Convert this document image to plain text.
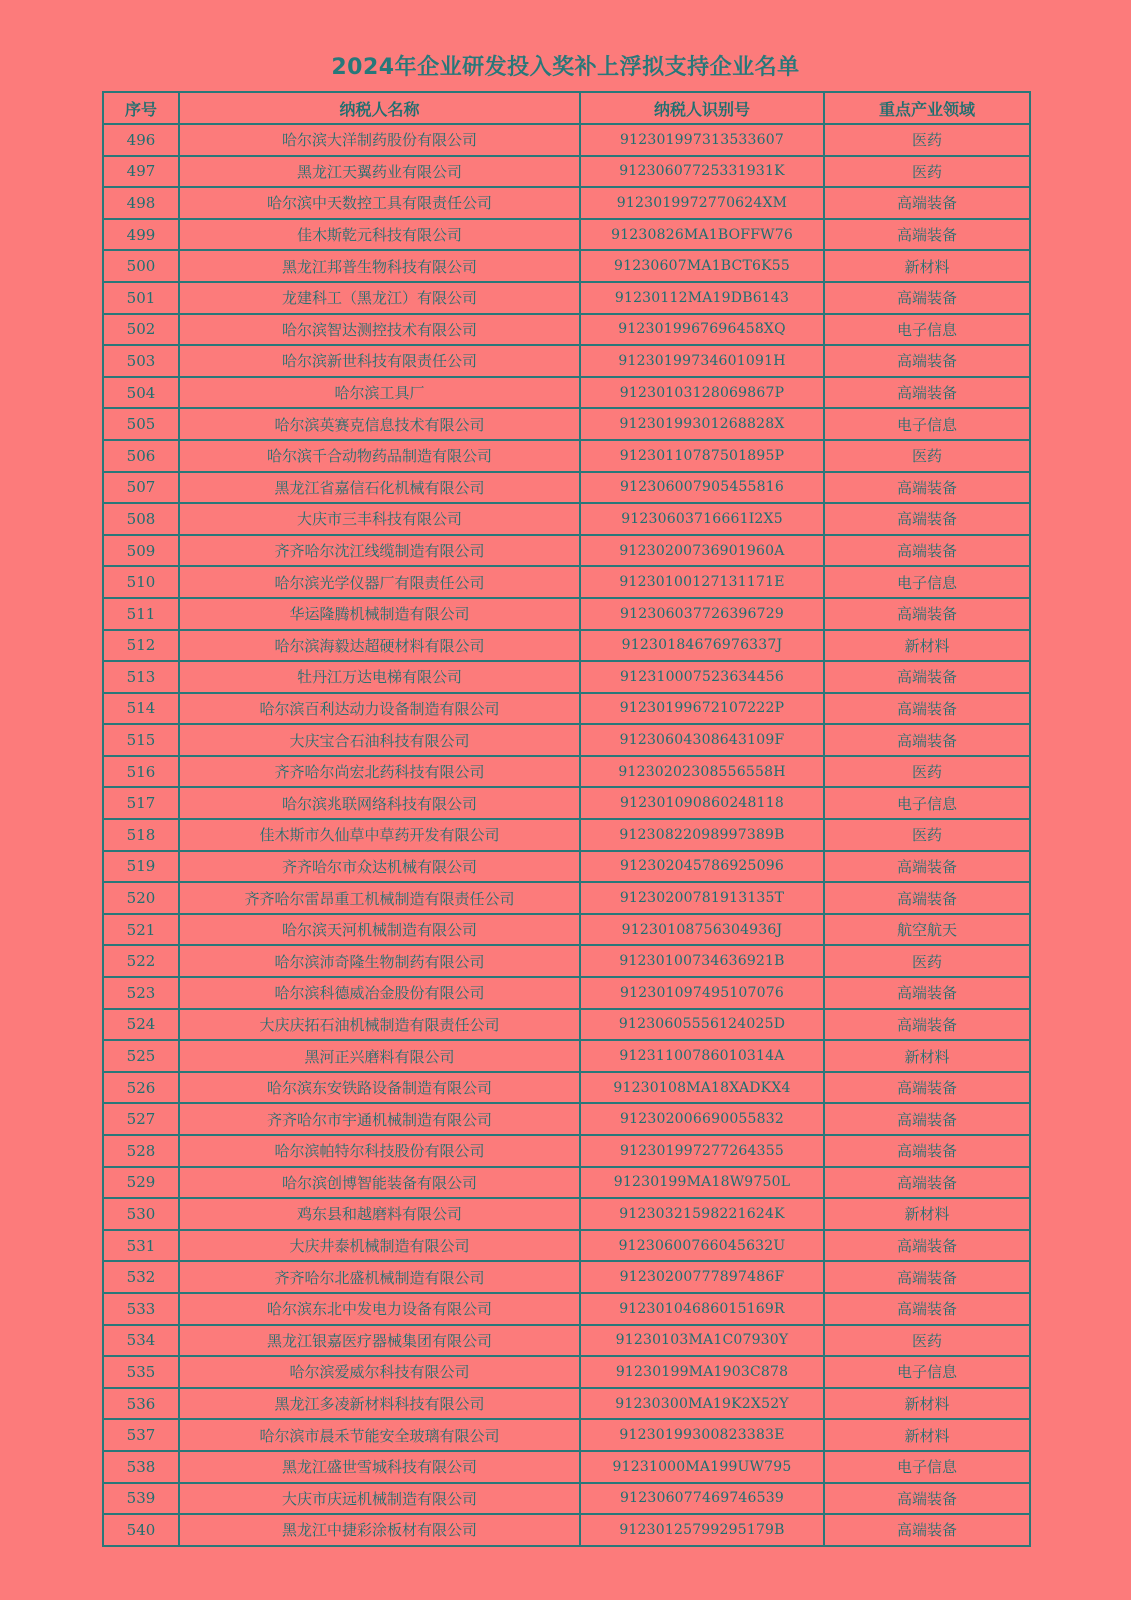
2024年企业研发投入奖补上浮拟支持企业名单
序号	纳税人名称	纳税人识别号	重点产业领域
496	哈尔滨大洋制药股份有限公司	912301997313533607	医药
497	黑龙江天翼药业有限公司	91230607725331931K	医药
498	哈尔滨中天数控工具有限责任公司	9123019972770624XM	高端装备
499	佳木斯乾元科技有限公司	91230826MA1BOFFW76	高端装备
500	黑龙江邦普生物科技有限公司	91230607MA1BCT6K55	新材料
501	龙建科工（黑龙江）有限公司	91230112MA19DB6143	高端装备
502	哈尔滨智达测控技术有限公司	9123019967696458XQ	电子信息
503	哈尔滨新世科技有限责任公司	91230199734601091H	高端装备
504	哈尔滨工具厂	91230103128069867P	高端装备
505	哈尔滨英赛克信息技术有限公司	91230199301268828X	电子信息
506	哈尔滨千合动物药品制造有限公司	91230110787501895P	医药
507	黑龙江省嘉信石化机械有限公司	912306007905455816	高端装备
508	大庆市三丰科技有限公司	91230603716661I2X5	高端装备
509	齐齐哈尔沈江线缆制造有限公司	91230200736901960A	高端装备
510	哈尔滨光学仪器厂有限责任公司	91230100127131171E	电子信息
511	华运隆腾机械制造有限公司	912306037726396729	高端装备
512	哈尔滨海毅达超硬材料有限公司	91230184676976337J	新材料
513	牡丹江万达电梯有限公司	912310007523634456	高端装备
514	哈尔滨百利达动力设备制造有限公司	91230199672107222P	高端装备
515	大庆宝合石油科技有限公司	91230604308643109F	高端装备
516	齐齐哈尔尚宏北药科技有限公司	91230202308556558H	医药
517	哈尔滨兆联网络科技有限公司	912301090860248118	电子信息
518	佳木斯市久仙草中草药开发有限公司	91230822098997389B	医药
519	齐齐哈尔市众达机械有限公司	912302045786925096	高端装备
520	齐齐哈尔雷昂重工机械制造有限责任公司	91230200781913135T	高端装备
521	哈尔滨天河机械制造有限公司	91230108756304936J	航空航天
522	哈尔滨沛奇隆生物制药有限公司	91230100734636921B	医药
523	哈尔滨科德威冶金股份有限公司	912301097495107076	高端装备
524	大庆庆拓石油机械制造有限责任公司	91230605556124025D	高端装备
525	黑河正兴磨料有限公司	91231100786010314A	新材料
526	哈尔滨东安铁路设备制造有限公司	91230108MA18XADKX4	高端装备
527	齐齐哈尔市宇通机械制造有限公司	912302006690055832	高端装备
528	哈尔滨帕特尔科技股份有限公司	912301997277264355	高端装备
529	哈尔滨创博智能装备有限公司	91230199MA18W9750L	高端装备
530	鸡东县和越磨料有限公司	91230321598221624K	新材料
531	大庆井泰机械制造有限公司	91230600766045632U	高端装备
532	齐齐哈尔北盛机械制造有限公司	91230200777897486F	高端装备
533	哈尔滨东北中发电力设备有限公司	91230104686015169R	高端装备
534	黑龙江银嘉医疗器械集团有限公司	91230103MA1C07930Y	医药
535	哈尔滨爱威尔科技有限公司	91230199MA1903C878	电子信息
536	黑龙江多凌新材料科技有限公司	91230300MA19K2X52Y	新材料
537	哈尔滨市晨禾节能安全玻璃有限公司	91230199300823383E	新材料
538	黑龙江盛世雪城科技有限公司	91231000MA199UW795	电子信息
539	大庆市庆远机械制造有限公司	912306077469746539	高端装备
540	黑龙江中捷彩涂板材有限公司	91230125799295179B	高端装备
